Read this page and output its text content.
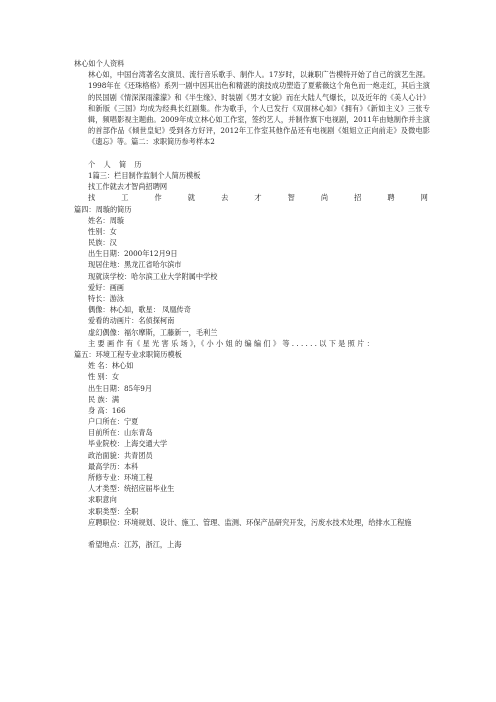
林心如个人资料
林心如，中国台湾著名女演员、流行音乐歌手、制作人。17岁时，以兼职广告模特开始了自己的演艺生涯。1998年在《还珠格格》系列一剧中因其出色和精湛的演技成功塑造了夏紫薇这个角色而一炮走红，其后主演的民国剧《情深深雨濛濛》和《半生缘》、时装剧《男才女貌》而在大陆人气爆长，以及近年的《美人心计》和新版《三国》均成为经典长红剧集。作为歌手，个人已发行《双面林心如》《拥有》《新如主义》三张专辑，频唱影视主题曲。2009年成立林心如工作室，签约艺人，并制作旗下电视剧，2011年由她制作并主演的首部作品《倾世皇妃》受到各方好评，2012年工作室其他作品还有电视剧《姐姐立正向前走》及微电影《遗忘》等。篇二：求职简历参考样本2
个 人 简 历
1篇三：栏目制作监制个人简历模板
找工作就去才智尚招聘网
找	工	作	就	去	才	智	尚	招	聘	网
篇四：周璇的简历
姓名：周璇
性别：女
民族：汉
出生日期：2000年12月9日
现居住地：黑龙江省哈尔滨市
现就读学校：哈尔滨工业大学附属中学校
爱好：画画
特长：游泳
偶像：林心如，歌星： 凤凰传奇
爱看的动画片：名侦探柯南
虚幻偶像：福尔摩斯，工藤新一，毛利兰
主 要 画 作 有《 星 光 害 乐 场 》，《 小 小 姐 的 编 编 们 》 等 . . . . . . 以 下 是 照 片 ：
篇五：环境工程专业求职简历模板
姓 名：林心如
性 别：女
出生日期：85年9月
民 族：满
身 高：166
户口所在：宁夏
目前所在：山东青岛
毕业院校：上海交通大学
政治面貌：共青团员
最高学历：本科
所修专业：环境工程
人才类型：统招应届毕业生
求职意向
求职类型：全职
应聘职位：环境规划、设计、施工、管理、监测、环保产品研究开发，污废水技术处理，给排水工程施
希望地点：江苏，浙江，上海
